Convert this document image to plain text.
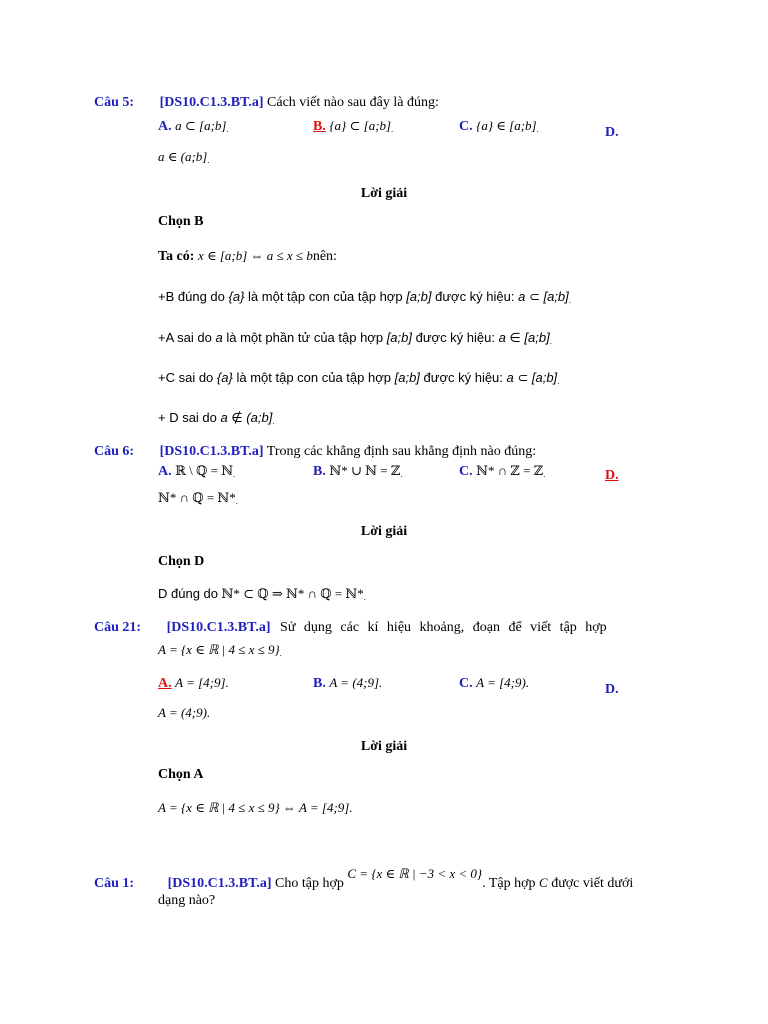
Câu 5: [DS10.C1.3.BT.a] Cách viết nào sau đây là đúng:
A. a ⊂ [a;b].	B. {a} ⊂ [a;b].	C. {a} ∈ [a;b].	D.
a ∈ (a;b].
Lời giải
Chọn B
Ta có: x ∈ [a;b] ⇔ a ≤ x ≤ bnên:
+B đúng do {a} là một tập con của tập hợp [a;b] được ký hiệu: a ⊂ [a;b].
+A sai do a là một phần tử của tập hợp [a;b] được ký hiệu: a ∈ [a;b].
+C sai do {a} là một tập con của tập hợp [a;b] được ký hiệu: a ⊂ [a;b].
+ D sai do a ∉ (a;b].
Câu 6: [DS10.C1.3.BT.a] Trong các khẳng định sau khẳng định nào đúng:
A. ℝ \ ℚ = ℕ.	B. ℕ* ∪ ℕ = ℤ.	C. ℕ* ∩ ℤ = ℤ.	D.
ℕ* ∩ ℚ = ℕ*.
Lời giải
Chọn D
D đúng do ℕ* ⊂ ℚ ⇒ ℕ* ∩ ℚ = ℕ*.
Câu 21: [DS10.C1.3.BT.a] Sử dụng các kí hiệu khoảng, đoạn để viết tập hợp
A = {x ∈ ℝ | 4 ≤ x ≤ 9}.
A. A = [4;9].	B. A = (4;9].	C. A = [4;9).	D.
A = (4;9).
Lời giải
Chọn A
A = {x ∈ ℝ | 4 ≤ x ≤ 9} ⇔ A = [4;9].
Câu 1: [DS10.C1.3.BT.a] Cho tập hợp C = {x ∈ ℝ | −3 < x < 0}. Tập hợp C được viết dưới
dạng nào?
